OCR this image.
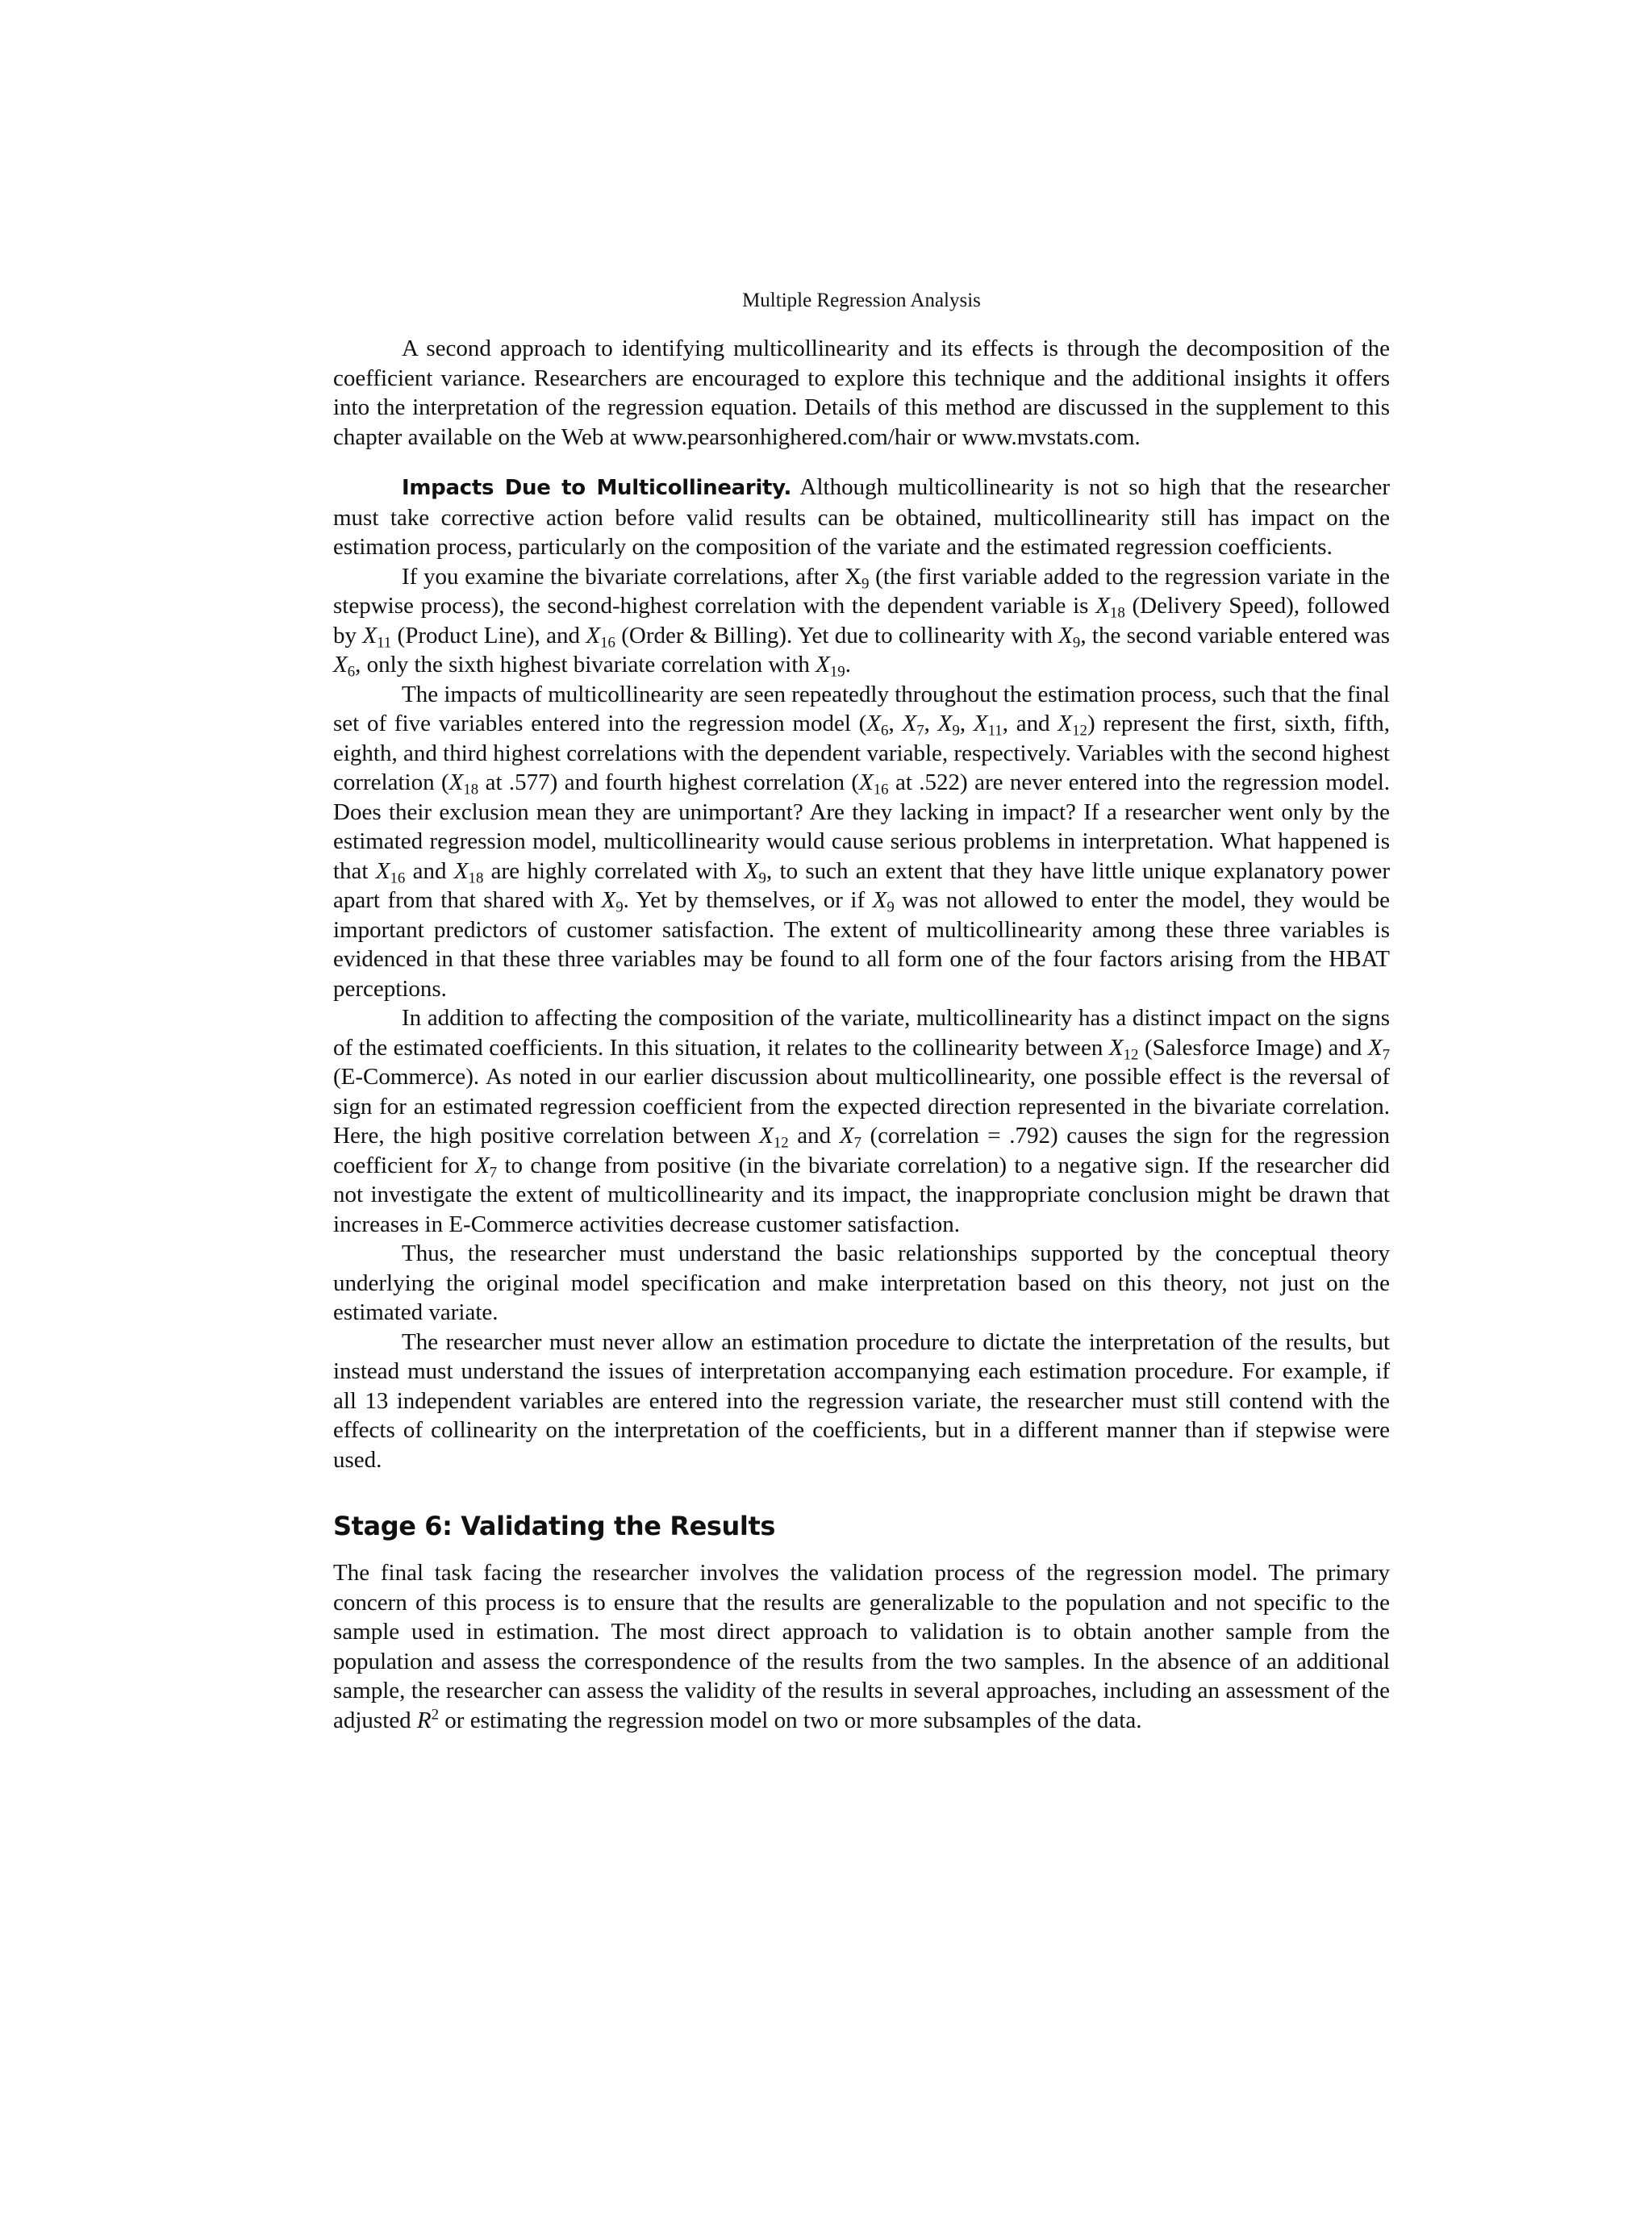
Multiple Regression Analysis

A second approach to identifying multicollinearity and its effects is through the decomposition of the coefficient variance. Researchers are encouraged to explore this technique and the additional insights it offers into the interpretation of the regression equation. Details of this method are discussed in the supplement to this chapter available on the Web at www.pearsonhighered.com/hair or www.mvstats.com.

Impacts Due to Multicollinearity. Although multicollinearity is not so high that the researcher must take corrective action before valid results can be obtained, multicollinearity still has impact on the estimation process, particularly on the composition of the variate and the estimated regression coefficients.

If you examine the bivariate correlations, after $X_9$ (the first variable added to the regression variate in the stepwise process), the second-highest correlation with the dependent variable is $X_{18}$ (Delivery Speed), followed by $X_{11}$ (Product Line), and $X_{16}$ (Order & Billing). Yet due to collinearity with $X_9$, the second variable entered was $X_6$, only the sixth highest bivariate correlation with $X_{19}$.

The impacts of multicollinearity are seen repeatedly throughout the estimation process, such that the final set of five variables entered into the regression model ($X_6$, $X_7$, $X_9$, $X_{11}$, and $X_{12}$) represent the first, sixth, fifth, eighth, and third highest correlations with the dependent variable, respectively. Variables with the second highest correlation ($X_{18}$ at .577) and fourth highest correlation ($X_{16}$ at .522) are never entered into the regression model. Does their exclusion mean they are unimportant? Are they lacking in impact? If a researcher went only by the estimated regression model, multicollinearity would cause serious problems in interpretation. What happened is that $X_{16}$ and $X_{18}$ are highly correlated with $X_9$, to such an extent that they have little unique explanatory power apart from that shared with $X_9$. Yet by themselves, or if $X_9$ was not allowed to enter the model, they would be important predictors of customer satisfaction. The extent of multicollinearity among these three variables is evidenced in that these three variables may be found to all form one of the four factors arising from the HBAT perceptions.

In addition to affecting the composition of the variate, multicollinearity has a distinct impact on the signs of the estimated coefficients. In this situation, it relates to the collinearity between $X_{12}$ (Salesforce Image) and $X_7$ (E-Commerce). As noted in our earlier discussion about multicollinearity, one possible effect is the reversal of sign for an estimated regression coefficient from the expected direction represented in the bivariate correlation. Here, the high positive correlation between $X_{12}$ and $X_7$ (correlation = .792) causes the sign for the regression coefficient for $X_7$ to change from positive (in the bivariate correlation) to a negative sign. If the researcher did not investigate the extent of multicollinearity and its impact, the inappropriate conclusion might be drawn that increases in E-Commerce activities decrease customer satisfaction.

Thus, the researcher must understand the basic relationships supported by the conceptual theory underlying the original model specification and make interpretation based on this theory, not just on the estimated variate.

The researcher must never allow an estimation procedure to dictate the interpretation of the results, but instead must understand the issues of interpretation accompanying each estimation procedure. For example, if all 13 independent variables are entered into the regression variate, the researcher must still contend with the effects of collinearity on the interpretation of the coefficients, but in a different manner than if stepwise were used.

Stage 6: Validating the Results

The final task facing the researcher involves the validation process of the regression model. The primary concern of this process is to ensure that the results are generalizable to the population and not specific to the sample used in estimation. The most direct approach to validation is to obtain another sample from the population and assess the correspondence of the results from the two samples. In the absence of an additional sample, the researcher can assess the validity of the results in several approaches, including an assessment of the adjusted $R^2$ or estimating the regression model on two or more subsamples of the data.
